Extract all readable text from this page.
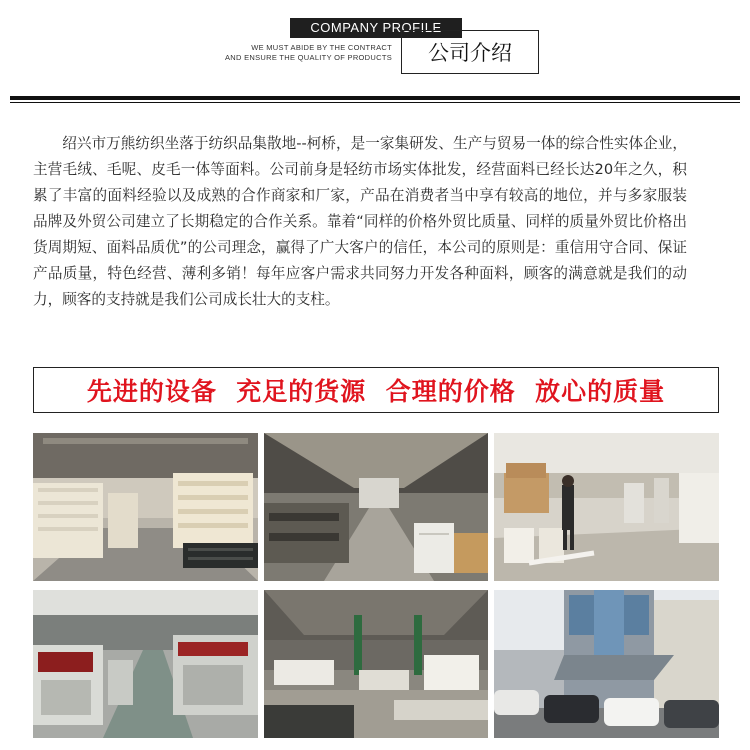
COMPANY PROFILE
WE MUST ABIDE BY THE CONTRACT
AND ENSURE THE QUALITY OF PRODUCTS 公司介绍

绍兴市万熊纺织坐落于纺织品集散地--柯桥，是一家集研发、生产与贸易一体的综合性实体企业，主营毛绒、毛呢、皮毛一体等面料。公司前身是轻纺市场实体批发，经营面料已经长达20年之久，积累了丰富的面料经验以及成熟的合作商家和厂家，产品在消费者当中享有较高的地位，并与多家服装品牌及外贸公司建立了长期稳定的合作关系。靠着“同样的价格外贸比质量、同样的质量外贸比价格出货周期短、面料品质优”的公司理念，赢得了广大客户的信任，本公司的原则是：重信用守合同、保证产品质量，特色经营、薄利多销！每年应客户需求共同努力开发各种面料，顾客的满意就是我们的动力，顾客的支持就是我们公司成长壮大的支柱。

先进的设备  充足的货源  合理的价格  放心的质量
